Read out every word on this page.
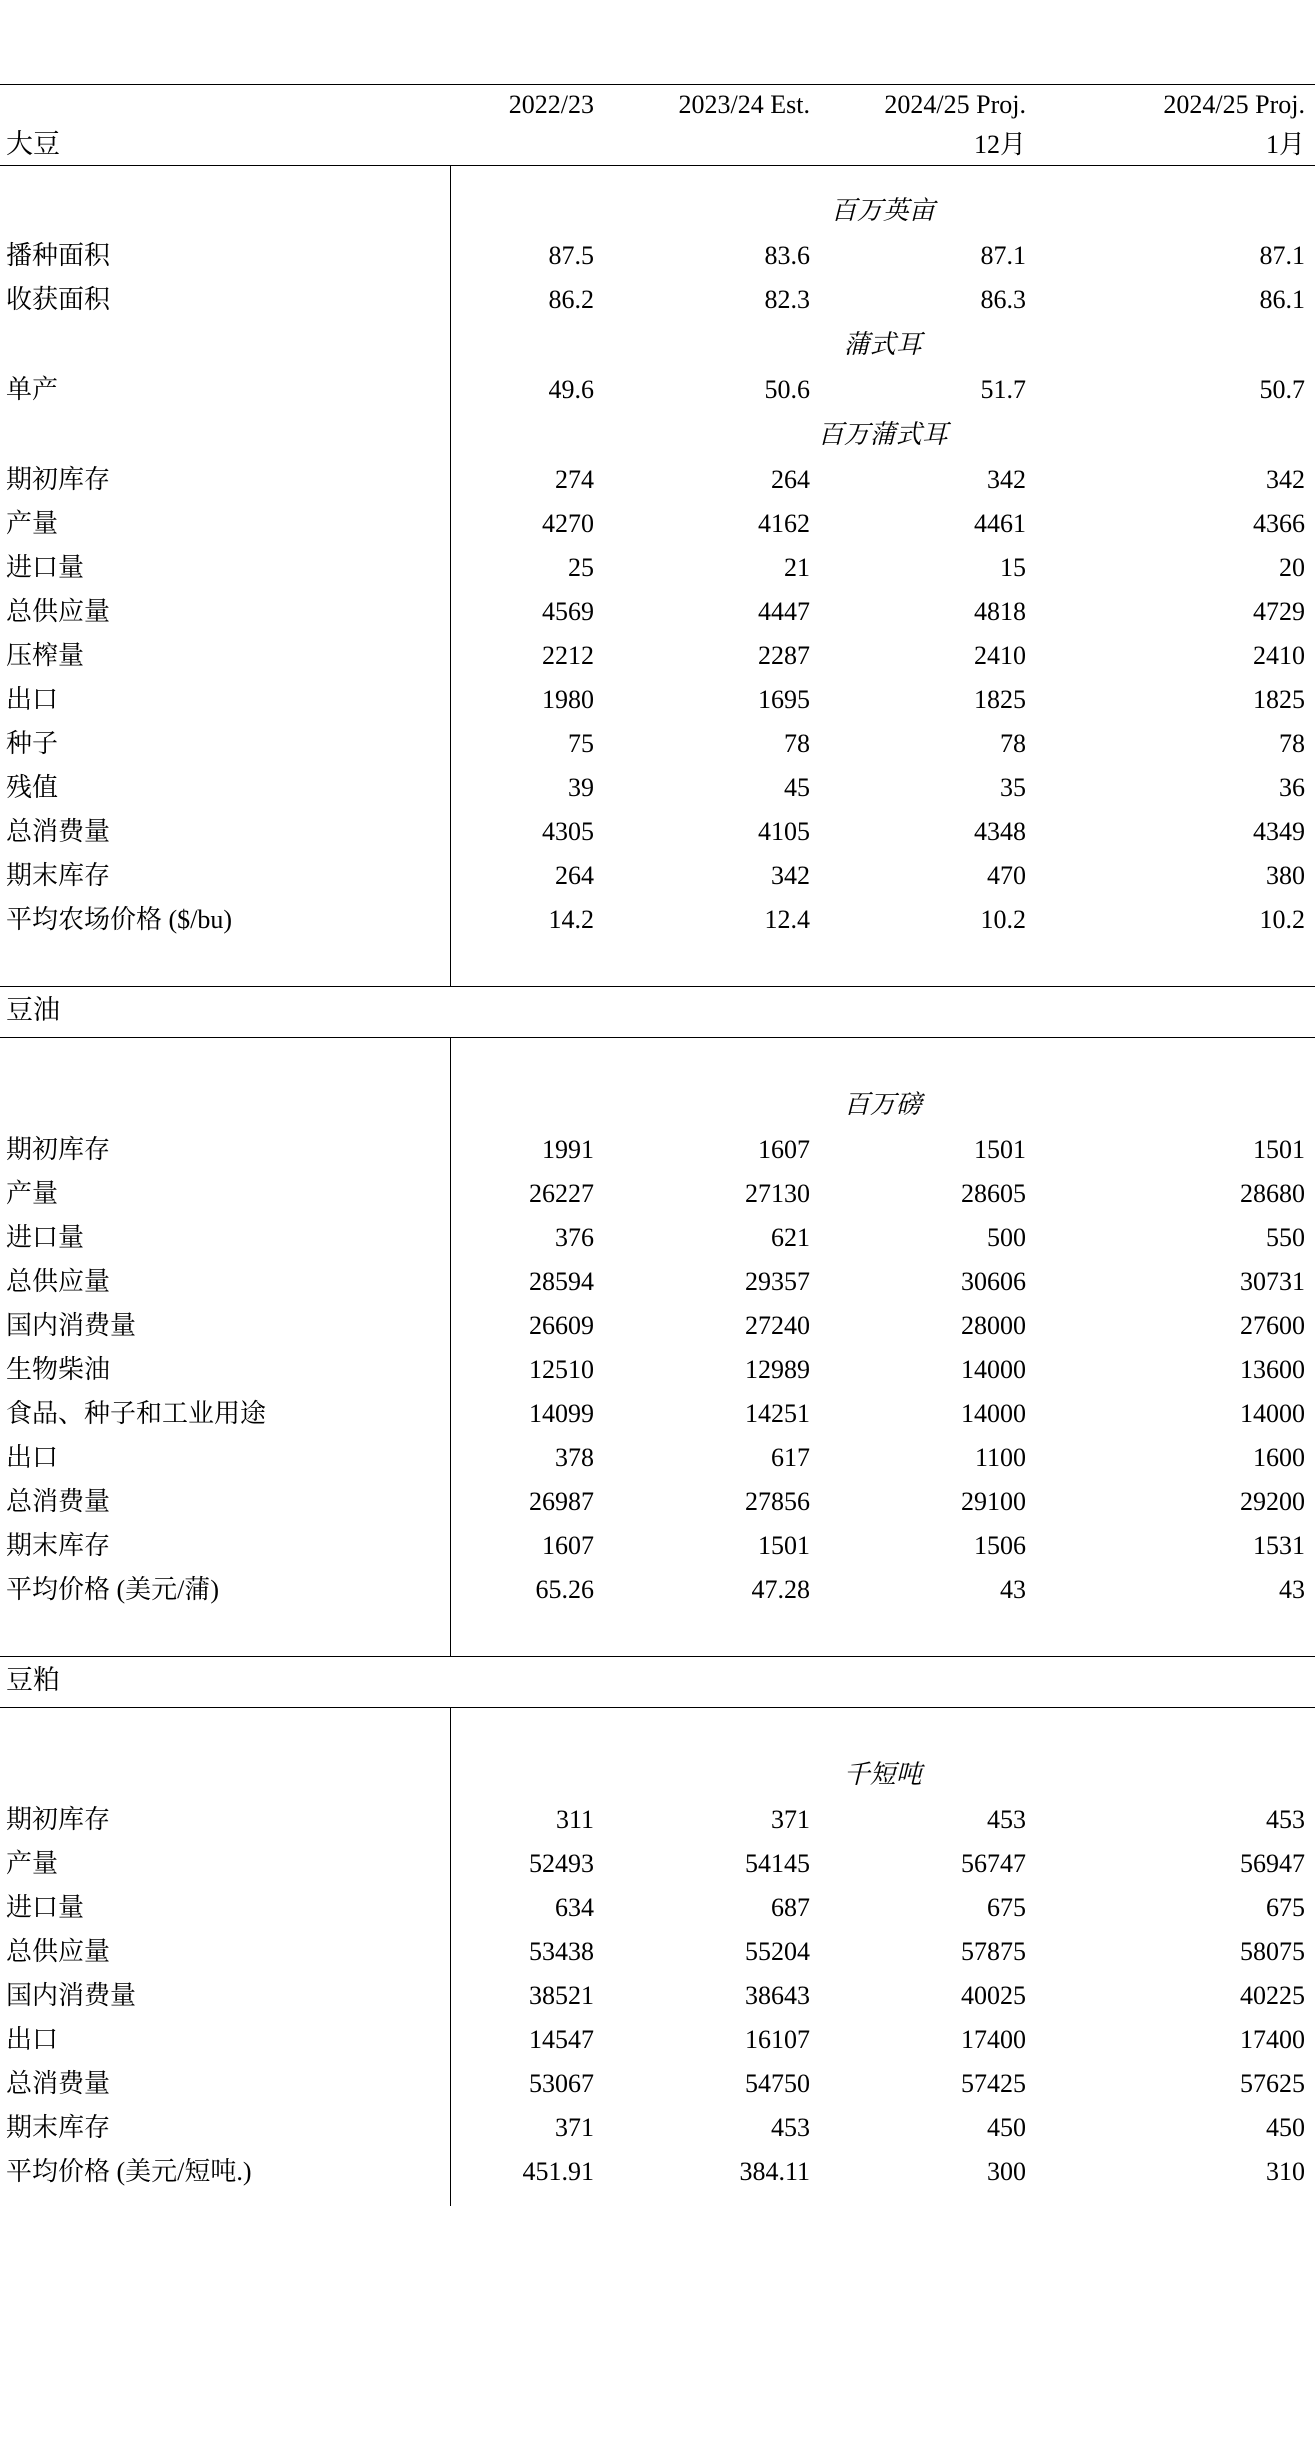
大豆	2022/23	2023/24 Est.	2024/25 Proj.	2024/25 Proj.
			12月	1月

	百万英亩			
播种面积	87.5	83.6	87.1	87.1
收获面积	86.2	82.3	86.3	86.1
	蒲式耳			
单产	49.6	50.6	51.7	50.7
	百万蒲式耳			
期初库存	274	264	342	342
产量	4270	4162	4461	4366
进口量	25	21	15	20
总供应量	4569	4447	4818	4729
压榨量	2212	2287	2410	2410
出口	1980	1695	1825	1825
种子	75	78	78	78
残值	39	45	35	36
总消费量	4305	4105	4348	4349
期末库存	264	342	470	380
平均农场价格 ($/bu)	14.2	12.4	10.2	10.2

豆油				

	百万磅			
期初库存	1991	1607	1501	1501
产量	26227	27130	28605	28680
进口量	376	621	500	550
总供应量	28594	29357	30606	30731
国内消费量	26609	27240	28000	27600
生物柴油	12510	12989	14000	13600
食品、种子和工业用途	14099	14251	14000	14000
出口	378	617	1100	1600
总消费量	26987	27856	29100	29200
期末库存	1607	1501	1506	1531
平均价格 (美元/蒲)	65.26	47.28	43	43

豆粕				

	千短吨			
期初库存	311	371	453	453
产量	52493	54145	56747	56947
进口量	634	687	675	675
总供应量	53438	55204	57875	58075
国内消费量	38521	38643	40025	40225
出口	14547	16107	17400	17400
总消费量	53067	54750	57425	57625
期末库存	371	453	450	450
平均价格 (美元/短吨.)	451.91	384.11	300	310
